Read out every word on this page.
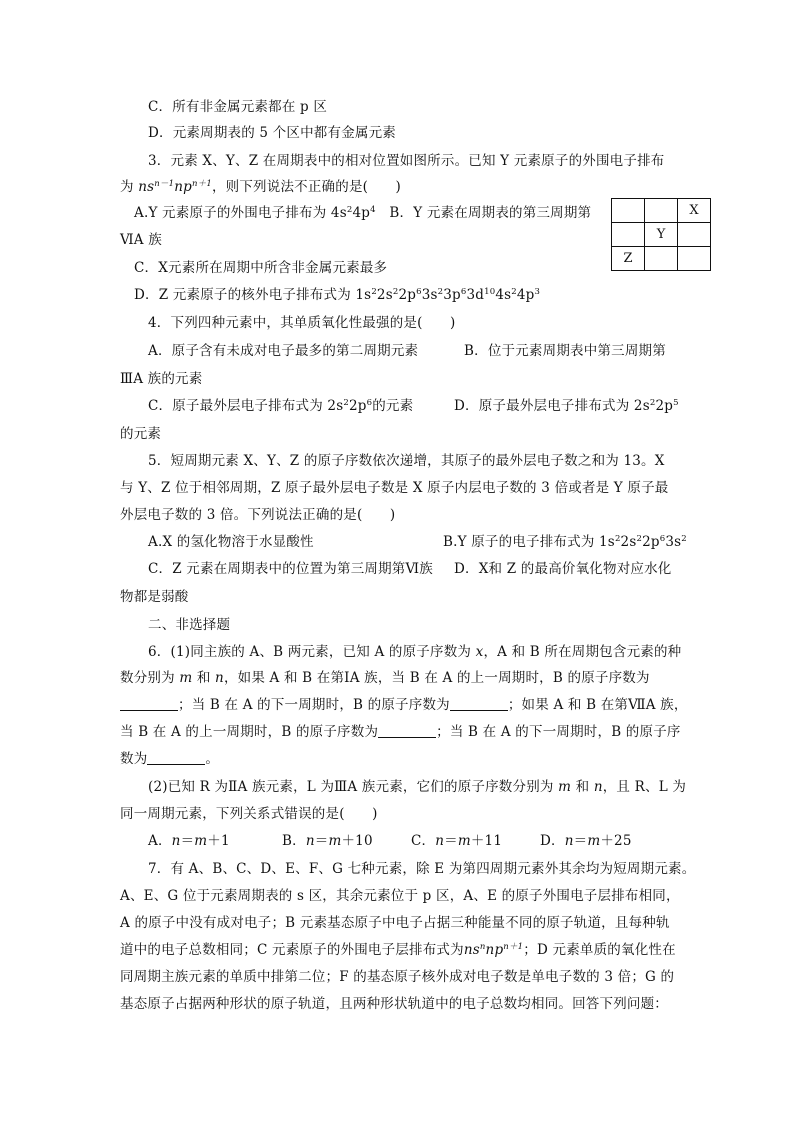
C．所有非金属元素都在 p 区
D．元素周期表的 5 个区中都有金属元素
3．元素 X、Y、Z 在周期表中的相对位置如图所示。已知 Y 元素原子的外围电子排布
为 $ns^{n-1}np^{n+1}$，则下列说法不正确的是(　　)
		X
	Y	
Z		
A.Y 元素原子的外围电子排布为 $4s^24p^4$　B．Y 元素在周期表的第三周期第
ⅥA 族
C．X元素所在周期中所含非金属元素最多
D．Z 元素原子的核外电子排布式为 $1s^22s^22p^63s^23p^63d^{10}4s^24p^3$
4．下列四种元素中，其单质氧化性最强的是(　　)
A．原子含有未成对电子最多的第二周期元素	B．位于元素周期表中第三周期第
ⅢA 族的元素
C．原子最外层电子排布式为 $2s^22p^6$的元素	D．原子最外层电子排布式为 $2s^22p^5$
的元素
5．短周期元素 X、Y、Z 的原子序数依次递增，其原子的最外层电子数之和为 13。X
与 Y、Z 位于相邻周期，Z 原子最外层电子数是 X 原子内层电子数的 3 倍或者是 Y 原子最
外层电子数的 3 倍。下列说法正确的是(　　)
A.X 的氢化物溶于水显酸性	B.Y 原子的电子排布式为 $1s^22s^22p^63s^2$
C．Z 元素在周期表中的位置为第三周期第Ⅵ族 D．X和 Z 的最高价氧化物对应水化
物都是弱酸
二、非选择题
6．(1)同主族的 A、B 两元素，已知 A 的原子序数为 x，A 和 B 所在周期包含元素的种
数分别为 m 和 n，如果 A 和 B 在第ⅠA 族，当 B 在 A 的上一周期时，B 的原子序数为
；当 B 在 A 的下一周期时，B 的原子序数为	；如果 A 和 B 在第ⅦA 族，
当 B 在 A 的上一周期时，B 的原子序数为	；当 B 在 A 的下一周期时，B 的原子序
数为	。
(2)已知 R 为ⅡA 族元素，L 为ⅢA 族元素，它们的原子序数分别为 m 和 n，且 R、L 为
同一周期元素，下列关系式错误的是(　　)
A．n＝m＋1	B．n＝m＋10	C．n＝m＋11	D．n＝m＋25
7．有 A、B、C、D、E、F、G 七种元素，除 E 为第四周期元素外其余均为短周期元素。
A、E、G 位于元素周期表的 s 区，其余元素位于 p 区，A、E 的原子外围电子层排布相同，
A 的原子中没有成对电子；B 元素基态原子中电子占据三种能量不同的原子轨道，且每种轨
道中的电子总数相同；C 元素原子的外围电子层排布式为$ns^nnp^{n+1}$；D 元素单质的氧化性在
同周期主族元素的单质中排第二位；F 的基态原子核外成对电子数是单电子数的 3 倍；G 的
基态原子占据两种形状的原子轨道，且两种形状轨道中的电子总数均相同。回答下列问题：
